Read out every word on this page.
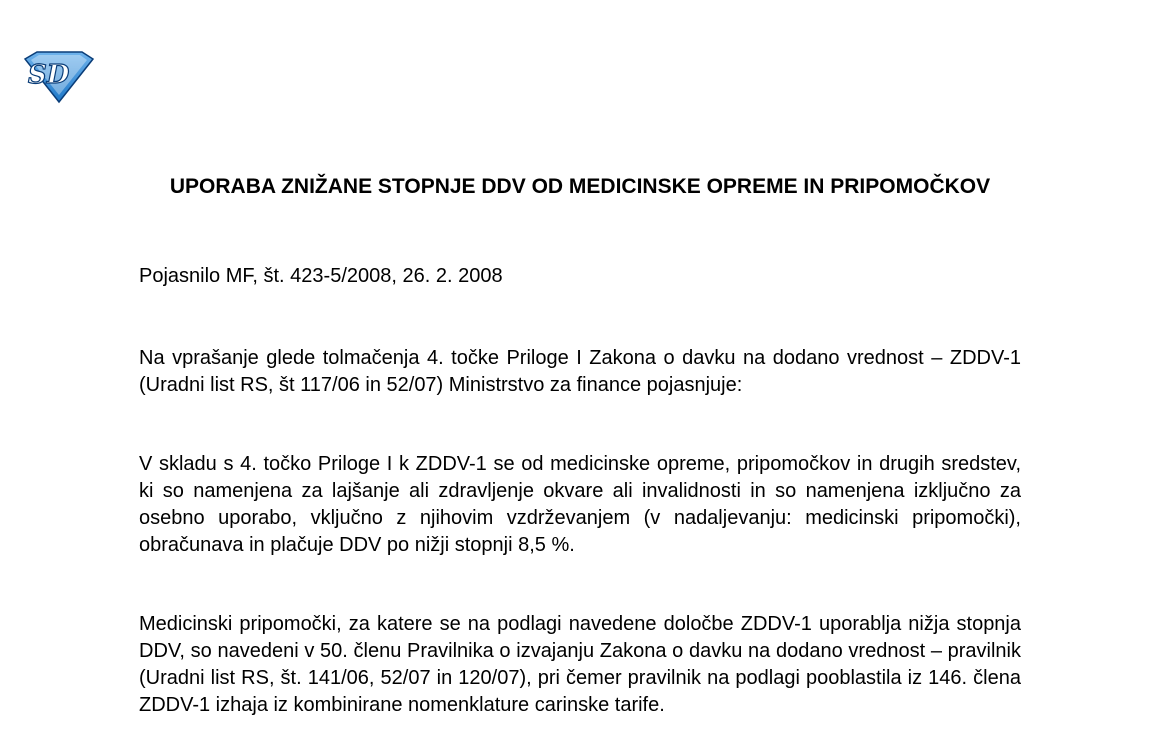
SD
UPORABA ZNIŽANE STOPNJE DDV OD MEDICINSKE OPREME IN PRIPOMOČKOV

Pojasnilo MF, št. 423-5/2008, 26. 2. 2008

Na vprašanje glede tolmačenja 4. točke Priloge I Zakona o davku na dodano vrednost – ZDDV-1 (Uradni list RS, št 117/06 in 52/07) Ministrstvo za finance pojasnjuje:

V skladu s 4. točko Priloge I k ZDDV-1 se od medicinske opreme, pripomočkov in drugih sredstev, ki so namenjena za lajšanje ali zdravljenje okvare ali invalidnosti in so namenjena izključno za osebno uporabo, vključno z njihovim vzdrževanjem (v nadaljevanju: medicinski pripomočki), obračunava in plačuje DDV po nižji stopnji 8,5 %.

Medicinski pripomočki, za katere se na podlagi navedene določbe ZDDV-1 uporablja nižja stopnja DDV, so navedeni v 50. členu Pravilnika o izvajanju Zakona o davku na dodano vrednost – pravilnik (Uradni list RS, št. 141/06, 52/07 in 120/07), pri čemer pravilnik na podlagi pooblastila iz 146. člena ZDDV-1 izhaja iz kombinirane nomenklature carinske tarife.
